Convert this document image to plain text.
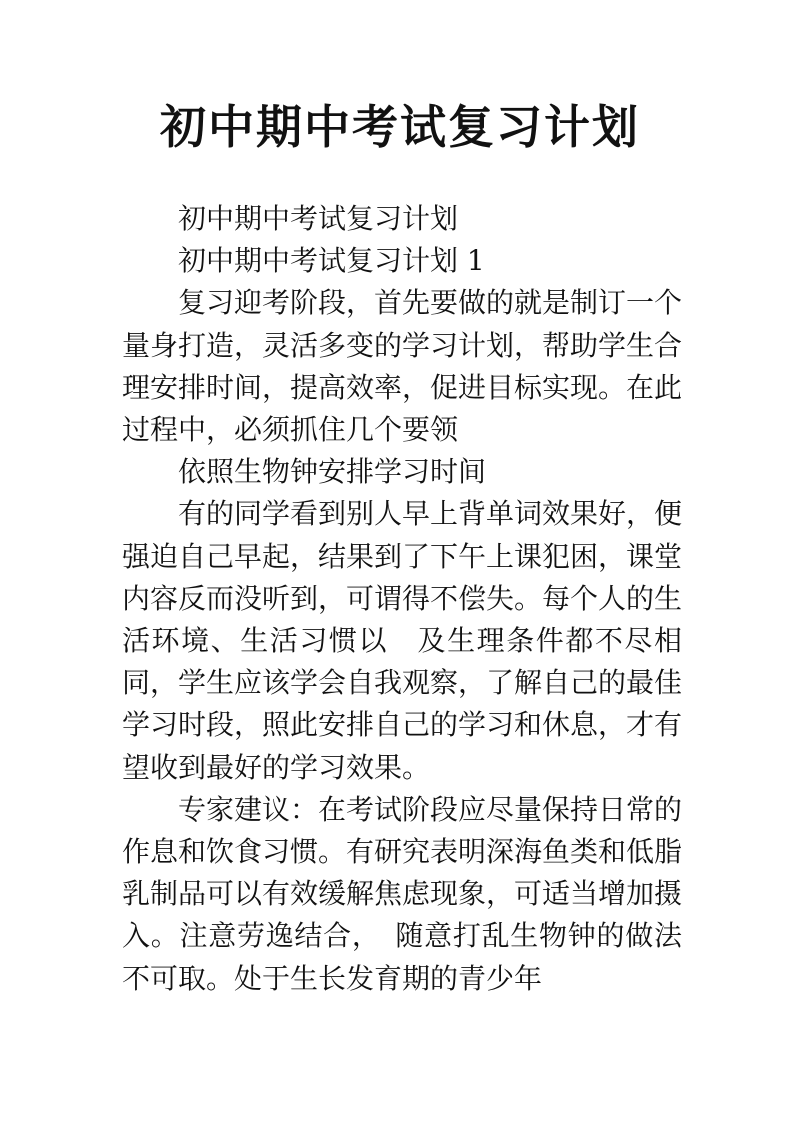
初中期中考试复习计划

初中期中考试复习计划

初中期中考试复习计划 1

复习迎考阶段，首先要做的就是制订一个量身打造，灵活多变的学习计划，帮助学生合理安排时间，提高效率，促进目标实现。在此过程中，必须抓住几个要领

依照生物钟安排学习时间

有的同学看到别人早上背单词效果好，便强迫自己早起，结果到了下午上课犯困，课堂内容反而没听到，可谓得不偿失。每个人的生活环境、生活习惯以　及生理条件都不尽相同，学生应该学会自我观察，了解自己的最佳学习时段，照此安排自己的学习和休息，才有望收到最好的学习效果。

专家建议：在考试阶段应尽量保持日常的作息和饮食习惯。有研究表明深海鱼类和低脂乳制品可以有效缓解焦虑现象，可适当增加摄入。注意劳逸结合，　随意打乱生物钟的做法不可取。处于生长发育期的青少年
